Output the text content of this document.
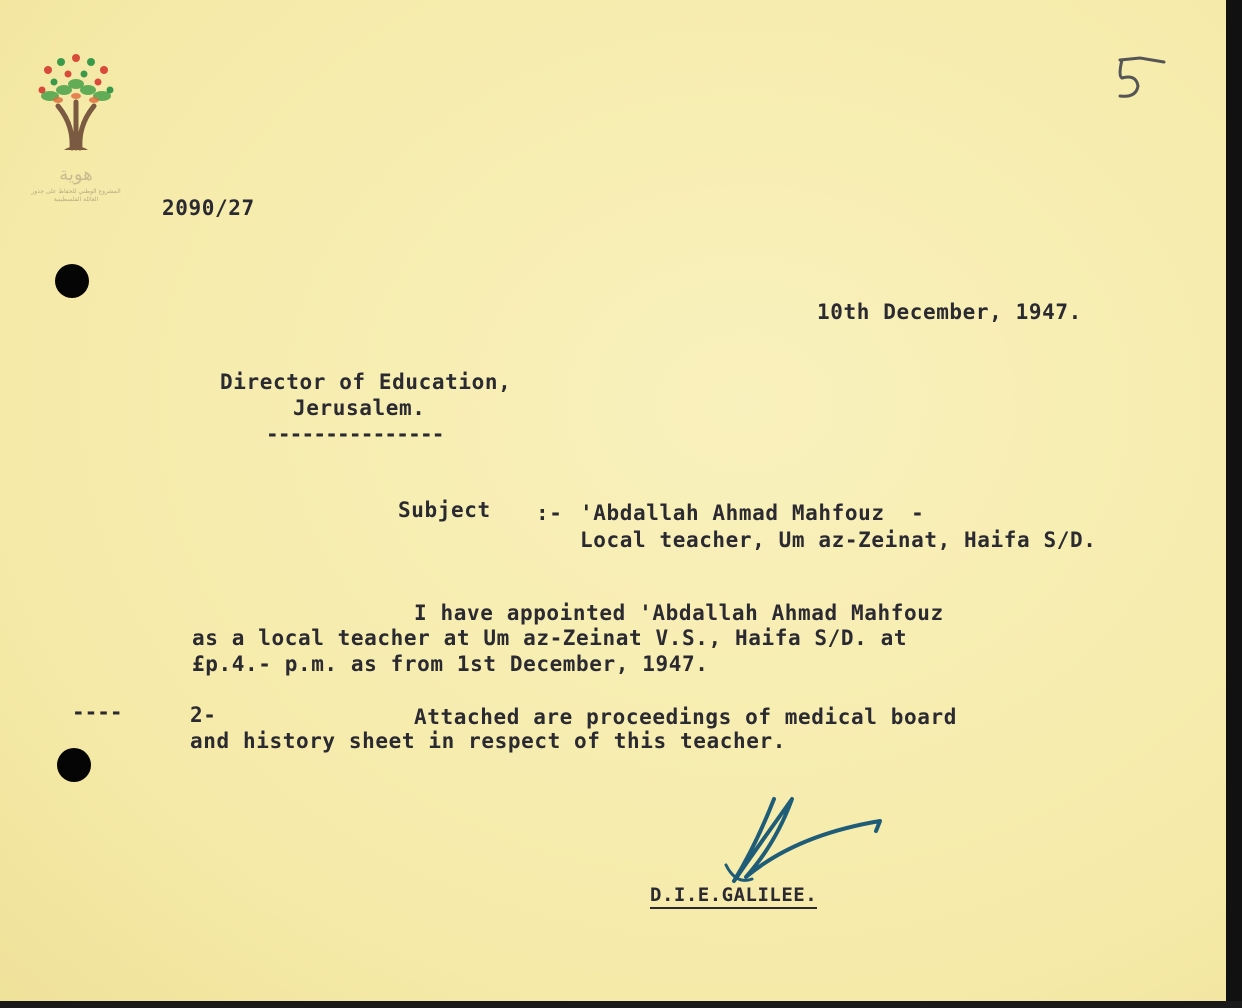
هوية
المشروع الوطني للحفاظ على جذور العائلة الفلسطينية
5
2090/27
10th December, 1947.
Director of Education,
Jerusalem.
---------------
Subject :- 'Abdallah Ahmad Mahfouz  -
Local teacher, Um az-Zeinat, Haifa S/D.
I have appointed 'Abdallah Ahmad Mahfouz
as a local teacher at Um az-Zeinat V.S., Haifa S/D. at
£p.4.- p.m. as from 1st December, 1947.
----	2-	Attached are proceedings of medical board
and history sheet in respect of this teacher.
D.I.E.GALILEE.
